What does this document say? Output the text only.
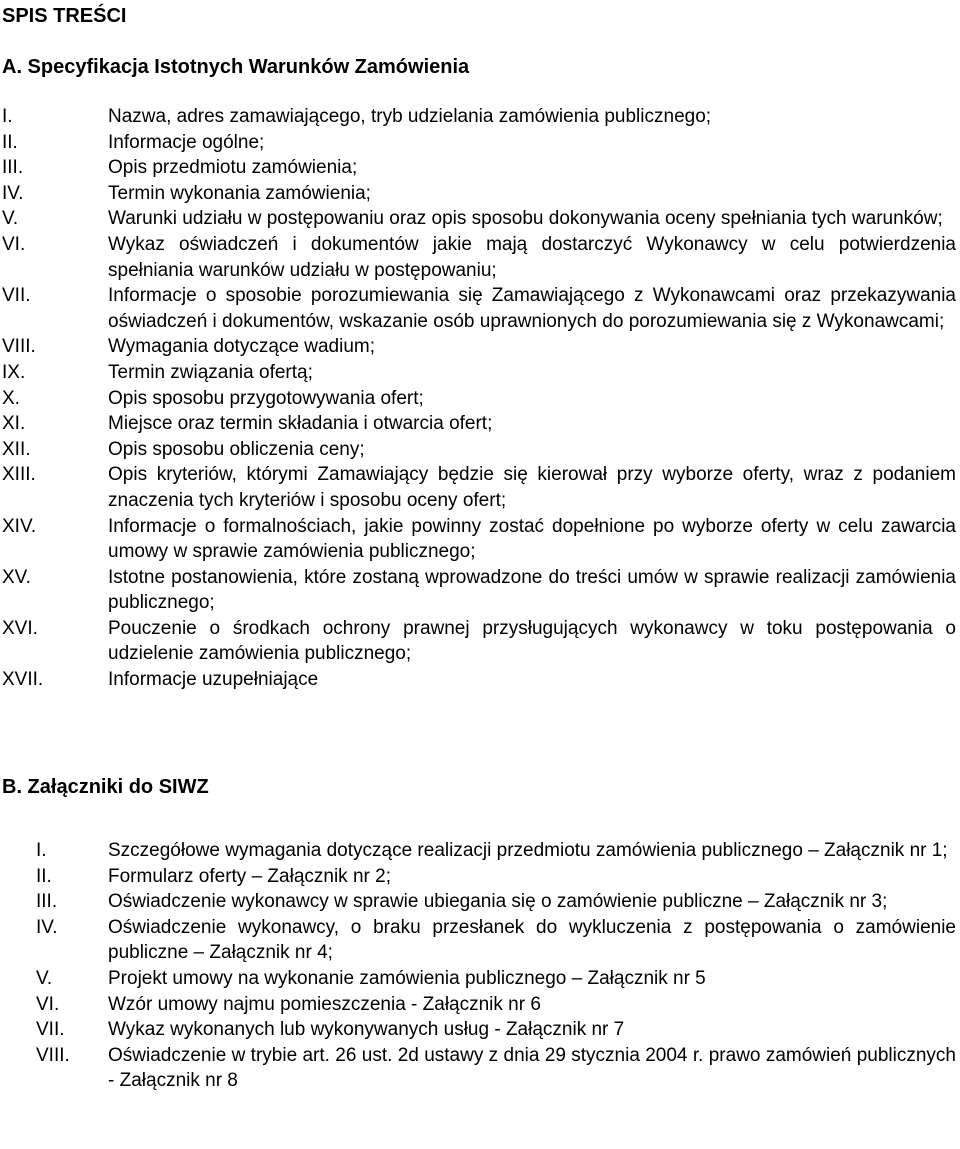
SPIS TREŚCI
A. Specyfikacja Istotnych Warunków Zamówienia
I.	Nazwa, adres zamawiającego, tryb udzielania zamówienia publicznego;
II.	Informacje ogólne;
III.	Opis przedmiotu zamówienia;
IV.	Termin wykonania zamówienia;
V.	Warunki udziału w postępowaniu oraz opis sposobu dokonywania oceny spełniania tych warunków;
VI.	Wykaz oświadczeń i dokumentów jakie mają dostarczyć Wykonawcy w celu potwierdzenia spełniania warunków udziału w postępowaniu;
VII.	Informacje o sposobie porozumiewania się Zamawiającego z Wykonawcami oraz przekazywania oświadczeń i dokumentów, wskazanie osób uprawnionych do porozumiewania się z Wykonawcami;
VIII.	Wymagania dotyczące wadium;
IX.	Termin związania ofertą;
X.	Opis sposobu przygotowywania ofert;
XI.	Miejsce oraz termin składania i otwarcia ofert;
XII.	Opis sposobu obliczenia ceny;
XIII.	Opis kryteriów, którymi Zamawiający będzie się kierował przy wyborze oferty, wraz z podaniem znaczenia tych kryteriów i sposobu oceny ofert;
XIV.	Informacje o formalnościach, jakie powinny zostać dopełnione po wyborze oferty w celu zawarcia umowy w sprawie zamówienia publicznego;
XV.	Istotne postanowienia, które zostaną wprowadzone do treści umów w sprawie realizacji zamówienia publicznego;
XVI.	Pouczenie o środkach ochrony prawnej przysługujących wykonawcy w toku postępowania o udzielenie zamówienia publicznego;
XVII.	Informacje uzupełniające
B. Załączniki do SIWZ
I.	Szczegółowe wymagania dotyczące realizacji przedmiotu zamówienia publicznego – Załącznik nr 1;
II.	Formularz oferty – Załącznik nr 2;
III.	Oświadczenie wykonawcy w sprawie ubiegania się o zamówienie publiczne – Załącznik nr 3;
IV.	Oświadczenie wykonawcy, o braku przesłanek do wykluczenia z postępowania o zamówienie publiczne – Załącznik nr 4;
V.	Projekt umowy na wykonanie zamówienia publicznego – Załącznik nr 5
VI.	Wzór umowy najmu pomieszczenia - Załącznik nr 6
VII.	Wykaz wykonanych lub wykonywanych usług - Załącznik nr 7
VIII.	Oświadczenie w trybie art. 26 ust. 2d ustawy z dnia 29 stycznia 2004 r. prawo zamówień publicznych - Załącznik nr 8
